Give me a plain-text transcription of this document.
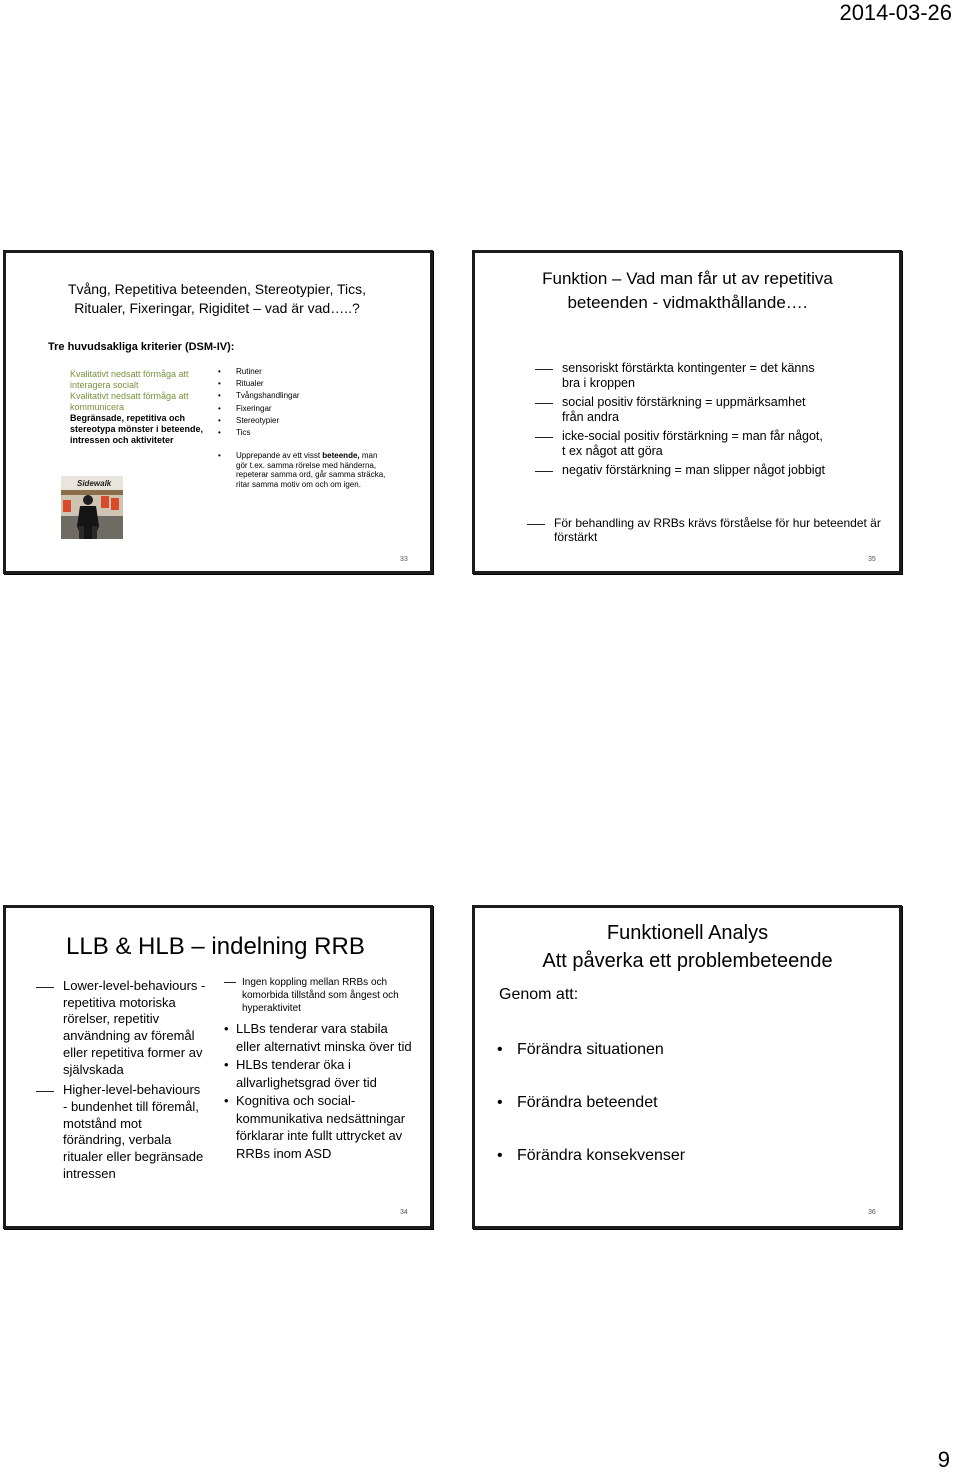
2014-03-26
Tvång, Repetitiva beteenden, Stereotypier, Tics, Ritualer, Fixeringar, Rigiditet – vad är vad…..?
Tre huvudsakliga kriterier (DSM-IV):
Kvalitativt nedsatt förmåga att interagera socialt
Kvalitativt nedsatt förmåga att kommunicera
Begränsade, repetitiva och stereotypa mönster i beteende, intressen och aktiviteter
• Rutiner
• Ritualer
• Tvångshandlingar
• Fixeringar
• Stereotypier
• Tics
•	Upprepande av ett visst beteende, man gör t.ex. samma rörelse med händerna, repeterar samma ord, går samma sträcka, ritar samma motiv om och om igen.
Sidewalk
33
Funktion – Vad man får ut av repetitiva beteenden - vidmakthållande….
sensoriskt förstärkta kontingenter = det känns bra i kroppen
social positiv förstärkning = uppmärksamhet från andra
icke-social positiv förstärkning = man får något, t ex något att göra
negativ förstärkning = man slipper något jobbigt
För behandling av RRBs krävs förståelse för hur beteendet är förstärkt
35
LLB & HLB – indelning RRB
Lower-level-behaviours - repetitiva motoriska rörelser, repetitiv användning av föremål eller repetitiva former av självskada
Higher-level-behaviours - bundenhet till föremål, motstånd mot förändring, verbala ritualer eller begränsade intressen
Ingen koppling mellan RRBs och komorbida tillstånd som ångest och hyperaktivitet
• LLBs tenderar vara stabila eller alternativt minska över tid
• HLBs tenderar öka i allvarlighetsgrad över tid
• Kognitiva och social-kommunikativa nedsättningar förklarar inte fullt uttrycket av RRBs inom ASD
34
Funktionell Analys
Att påverka ett problembeteende
Genom att:
• Förändra situationen
• Förändra beteendet
• Förändra konsekvenser
36
9
